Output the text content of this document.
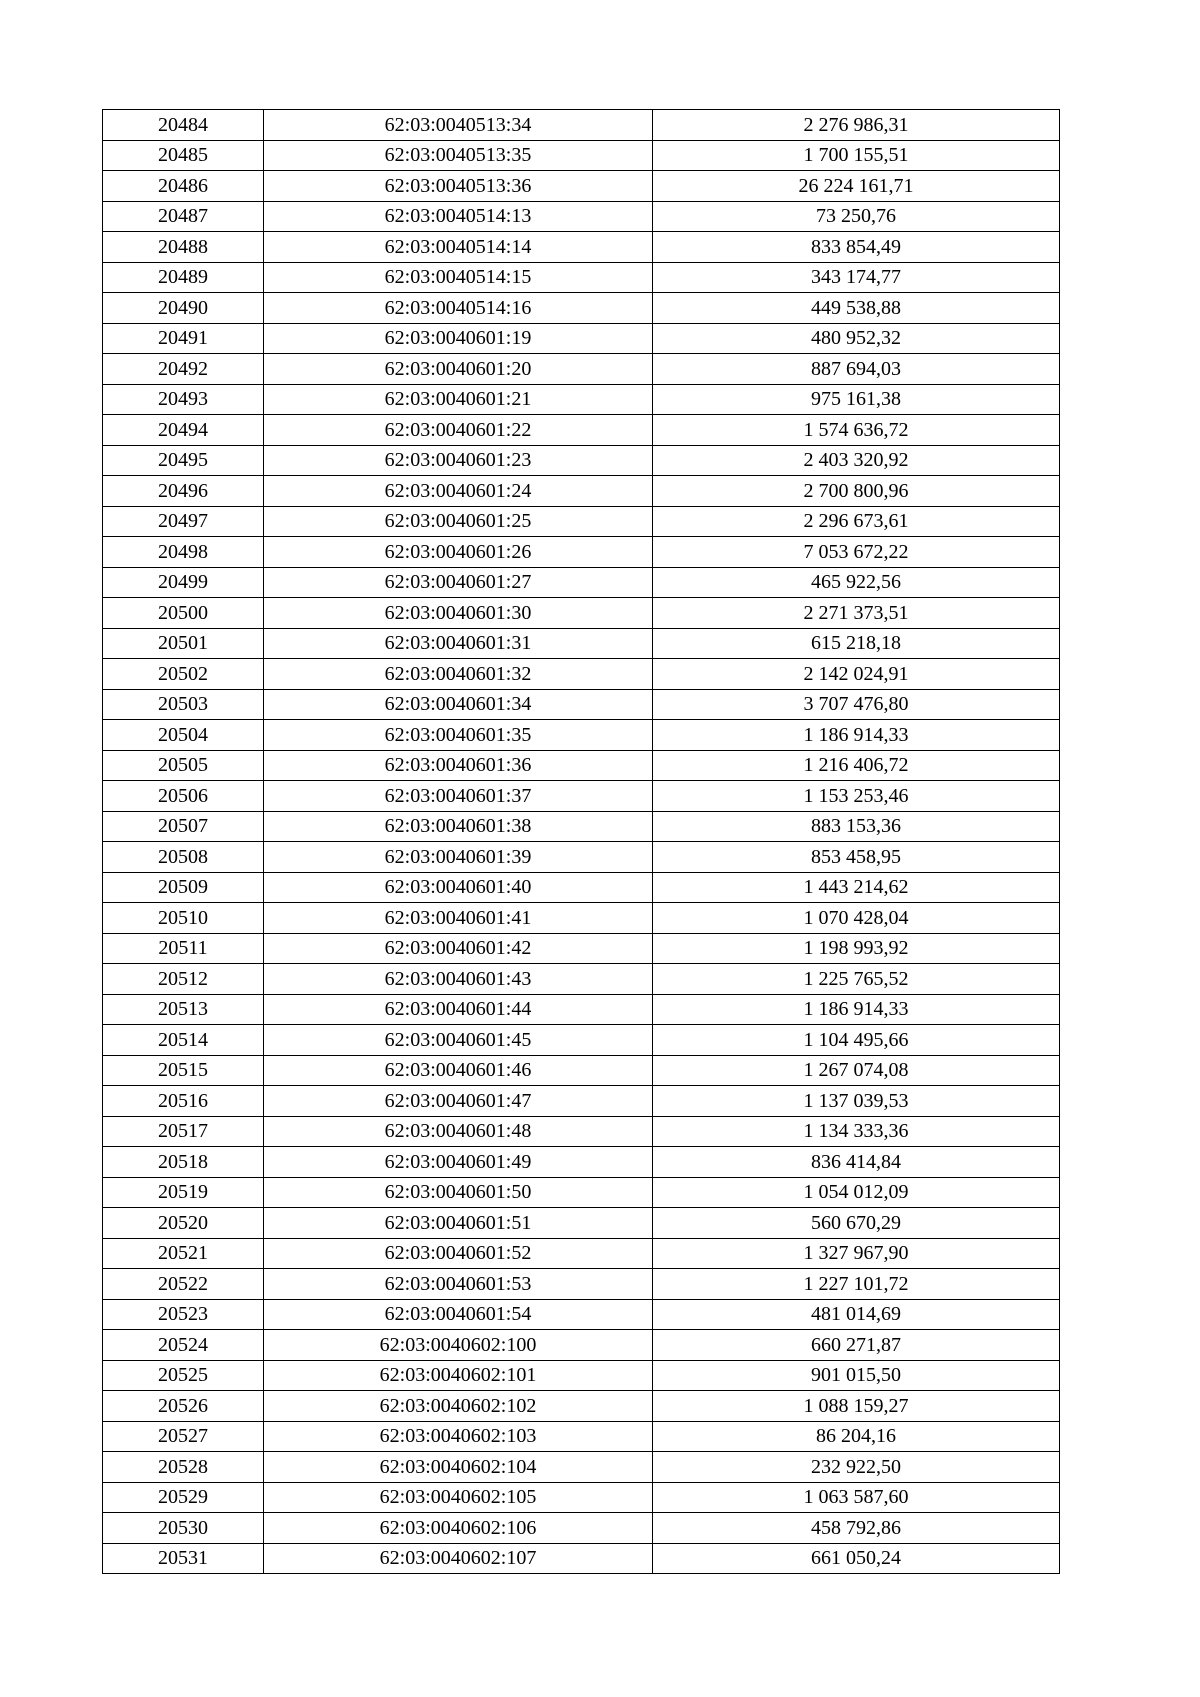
20484	62:03:0040513:34	2 276 986,31
20485	62:03:0040513:35	1 700 155,51
20486	62:03:0040513:36	26 224 161,71
20487	62:03:0040514:13	73 250,76
20488	62:03:0040514:14	833 854,49
20489	62:03:0040514:15	343 174,77
20490	62:03:0040514:16	449 538,88
20491	62:03:0040601:19	480 952,32
20492	62:03:0040601:20	887 694,03
20493	62:03:0040601:21	975 161,38
20494	62:03:0040601:22	1 574 636,72
20495	62:03:0040601:23	2 403 320,92
20496	62:03:0040601:24	2 700 800,96
20497	62:03:0040601:25	2 296 673,61
20498	62:03:0040601:26	7 053 672,22
20499	62:03:0040601:27	465 922,56
20500	62:03:0040601:30	2 271 373,51
20501	62:03:0040601:31	615 218,18
20502	62:03:0040601:32	2 142 024,91
20503	62:03:0040601:34	3 707 476,80
20504	62:03:0040601:35	1 186 914,33
20505	62:03:0040601:36	1 216 406,72
20506	62:03:0040601:37	1 153 253,46
20507	62:03:0040601:38	883 153,36
20508	62:03:0040601:39	853 458,95
20509	62:03:0040601:40	1 443 214,62
20510	62:03:0040601:41	1 070 428,04
20511	62:03:0040601:42	1 198 993,92
20512	62:03:0040601:43	1 225 765,52
20513	62:03:0040601:44	1 186 914,33
20514	62:03:0040601:45	1 104 495,66
20515	62:03:0040601:46	1 267 074,08
20516	62:03:0040601:47	1 137 039,53
20517	62:03:0040601:48	1 134 333,36
20518	62:03:0040601:49	836 414,84
20519	62:03:0040601:50	1 054 012,09
20520	62:03:0040601:51	560 670,29
20521	62:03:0040601:52	1 327 967,90
20522	62:03:0040601:53	1 227 101,72
20523	62:03:0040601:54	481 014,69
20524	62:03:0040602:100	660 271,87
20525	62:03:0040602:101	901 015,50
20526	62:03:0040602:102	1 088 159,27
20527	62:03:0040602:103	86 204,16
20528	62:03:0040602:104	232 922,50
20529	62:03:0040602:105	1 063 587,60
20530	62:03:0040602:106	458 792,86
20531	62:03:0040602:107	661 050,24
